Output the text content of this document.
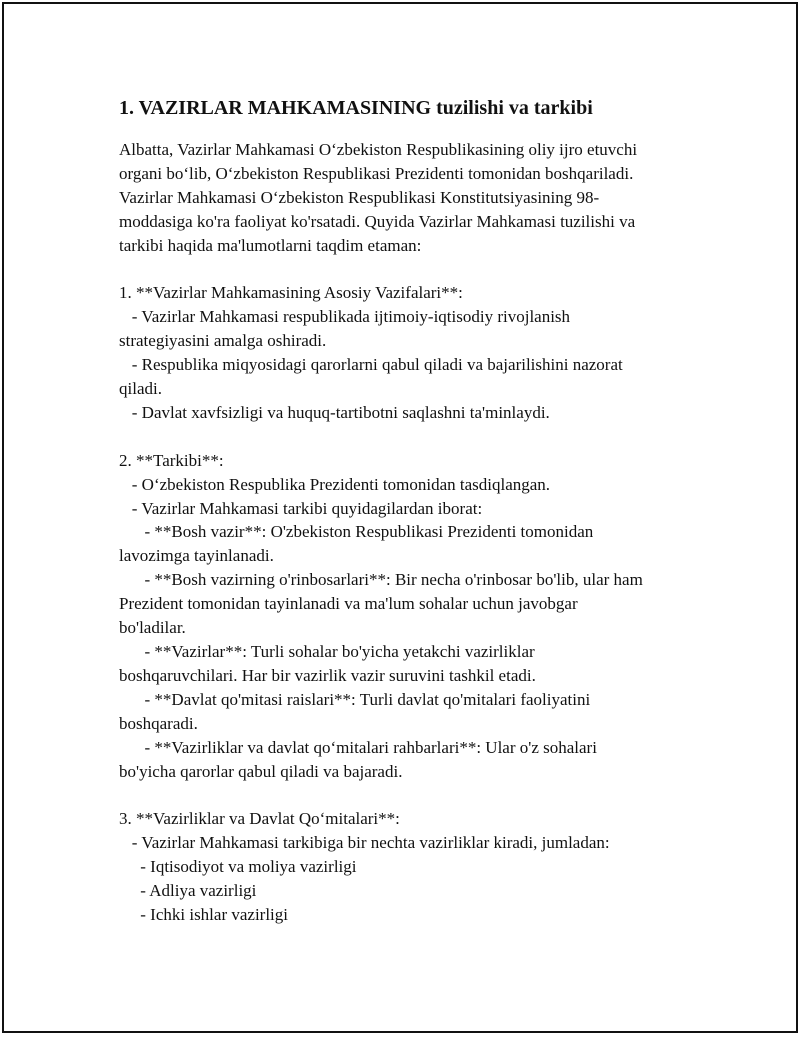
1. VAZIRLAR MAHKAMASINING tuzilishi va tarkibi
Albatta, Vazirlar Mahkamasi O‘zbekiston Respublikasining oliy ijro etuvchi
organi bo‘lib, O‘zbekiston Respublikasi Prezidenti tomonidan boshqariladi.
Vazirlar Mahkamasi O‘zbekiston Respublikasi Konstitutsiyasining 98-
moddasiga ko'ra faoliyat ko'rsatadi. Quyida Vazirlar Mahkamasi tuzilishi va
tarkibi haqida ma'lumotlarni taqdim etaman:
1. **Vazirlar Mahkamasining Asosiy Vazifalari**:
- Vazirlar Mahkamasi respublikada ijtimoiy-iqtisodiy rivojlanish
strategiyasini amalga oshiradi.
- Respublika miqyosidagi qarorlarni qabul qiladi va bajarilishini nazorat
qiladi.
- Davlat xavfsizligi va huquq-tartibotni saqlashni ta'minlaydi.
2. **Tarkibi**:
- O‘zbekiston Respublika Prezidenti tomonidan tasdiqlangan.
- Vazirlar Mahkamasi tarkibi quyidagilardan iborat:
- **Bosh vazir**: O'zbekiston Respublikasi Prezidenti tomonidan
lavozimga tayinlanadi.
- **Bosh vazirning o'rinbosarlari**: Bir necha o'rinbosar bo'lib, ular ham
Prezident tomonidan tayinlanadi va ma'lum sohalar uchun javobgar
bo'ladilar.
- **Vazirlar**: Turli sohalar bo'yicha yetakchi vazirliklar
boshqaruvchilari. Har bir vazirlik vazir suruvini tashkil etadi.
- **Davlat qo'mitasi raislari**: Turli davlat qo'mitalari faoliyatini
boshqaradi.
- **Vazirliklar va davlat qo‘mitalari rahbarlari**: Ular o'z sohalari
bo'yicha qarorlar qabul qiladi va bajaradi.
3. **Vazirliklar va Davlat Qo‘mitalari**:
- Vazirlar Mahkamasi tarkibiga bir nechta vazirliklar kiradi, jumladan:
- Iqtisodiyot va moliya vazirligi
- Adliya vazirligi
- Ichki ishlar vazirligi
